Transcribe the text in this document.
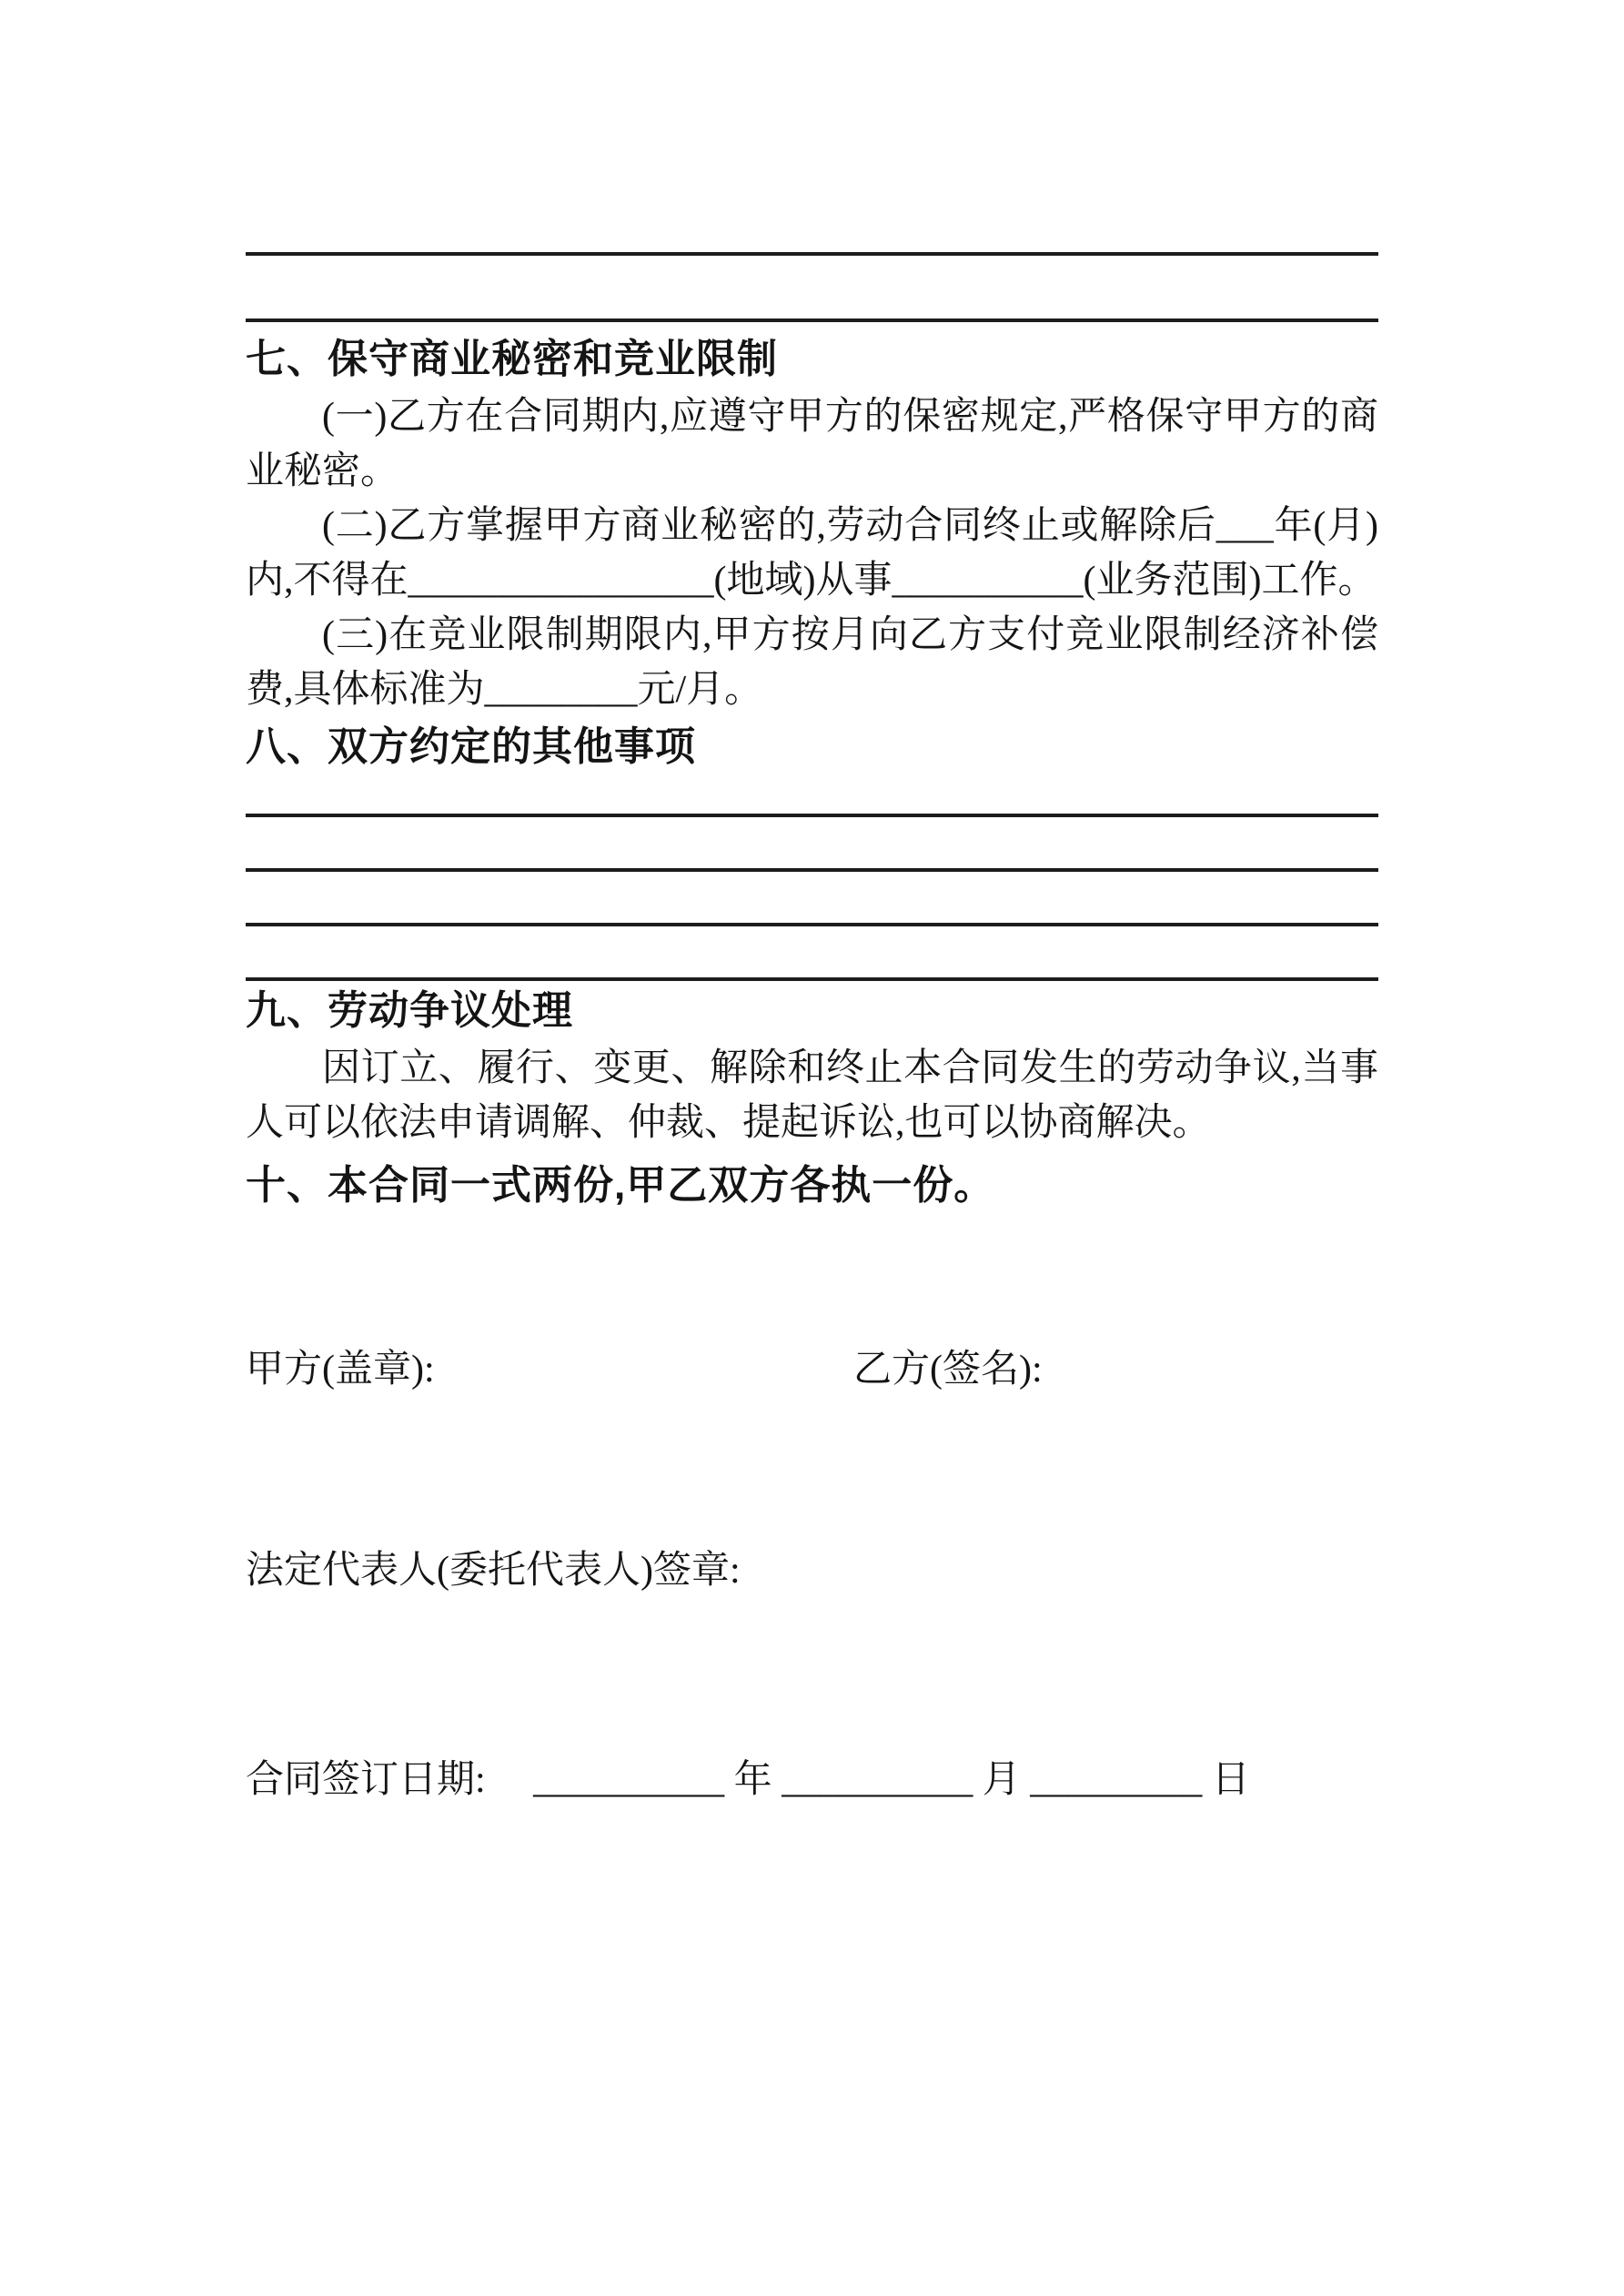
七、保守商业秘密和竞业限制

(一)乙方在合同期内,应遵守甲方的保密规定,严格保守甲方的商业秘密。

(二)乙方掌握甲方商业秘密的,劳动合同终止或解除后___年(月)内,不得在________________(地域)从事__________(业务范围)工作。

(三)在竞业限制期限内,甲方按月向乙方支付竞业限制经济补偿费,具体标准为________元/月。

八、双方约定的其他事项
九、劳动争议处理

因订立、履行、变更、解除和终止本合同发生的劳动争议,当事人可以依法申请调解、仲裁、提起诉讼,也可以协商解决。

十、本合同一式两份,甲乙双方各执一份。
甲方(盖章):	乙方(签名):

法定代表人(委托代表人)签章:

合同签订日期: __________ 年 __________ 月 _________ 日
